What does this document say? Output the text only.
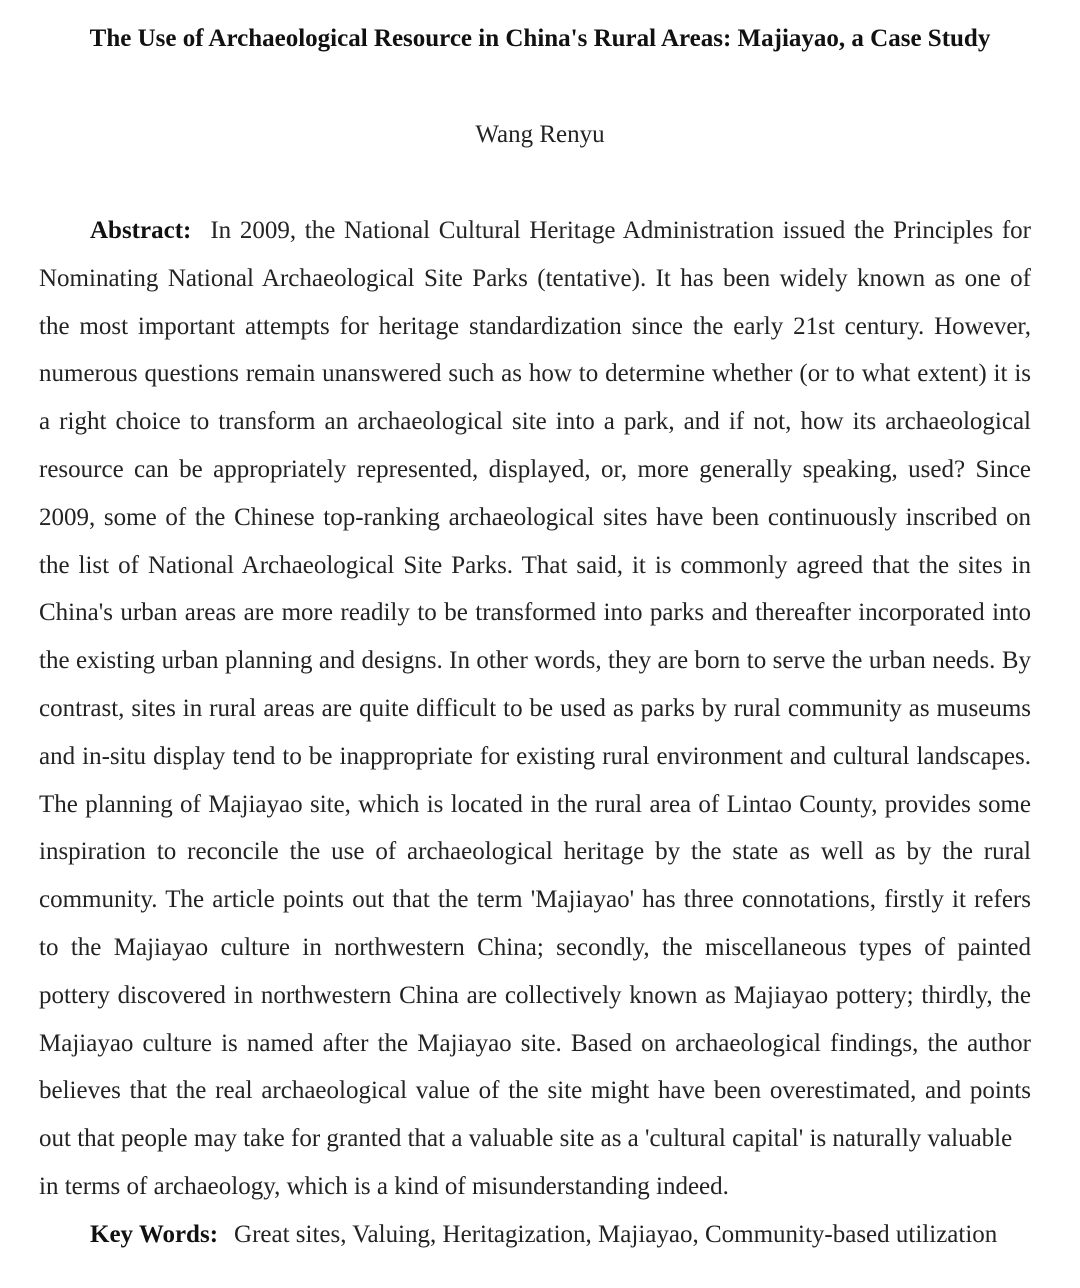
The Use of Archaeological Resource in China's Rural Areas: Majiayao, a Case Study
Wang Renyu
Abstract: In 2009, the National Cultural Heritage Administration issued the Principles for
Nominating National Archaeological Site Parks (tentative). It has been widely known as one of
the most important attempts for heritage standardization since the early 21st century. However,
numerous questions remain unanswered such as how to determine whether (or to what extent) it is
a right choice to transform an archaeological site into a park, and if not, how its archaeological
resource can be appropriately represented, displayed, or, more generally speaking, used? Since
2009, some of the Chinese top-ranking archaeological sites have been continuously inscribed on
the list of National Archaeological Site Parks. That said, it is commonly agreed that the sites in
China's urban areas are more readily to be transformed into parks and thereafter incorporated into
the existing urban planning and designs. In other words, they are born to serve the urban needs. By
contrast, sites in rural areas are quite difficult to be used as parks by rural community as museums
and in-situ display tend to be inappropriate for existing rural environment and cultural landscapes.
The planning of Majiayao site, which is located in the rural area of Lintao County, provides some
inspiration to reconcile the use of archaeological heritage by the state as well as by the rural
community. The article points out that the term 'Majiayao' has three connotations, firstly it refers
to the Majiayao culture in northwestern China; secondly, the miscellaneous types of painted
pottery discovered in northwestern China are collectively known as Majiayao pottery; thirdly, the
Majiayao culture is named after the Majiayao site. Based on archaeological findings, the author
believes that the real archaeological value of the site might have been overestimated, and points
out that people may take for granted that a valuable site as a 'cultural capital' is naturally valuable
in terms of archaeology, which is a kind of misunderstanding indeed.
Key Words: Great sites, Valuing, Heritagization, Majiayao, Community-based utilization
